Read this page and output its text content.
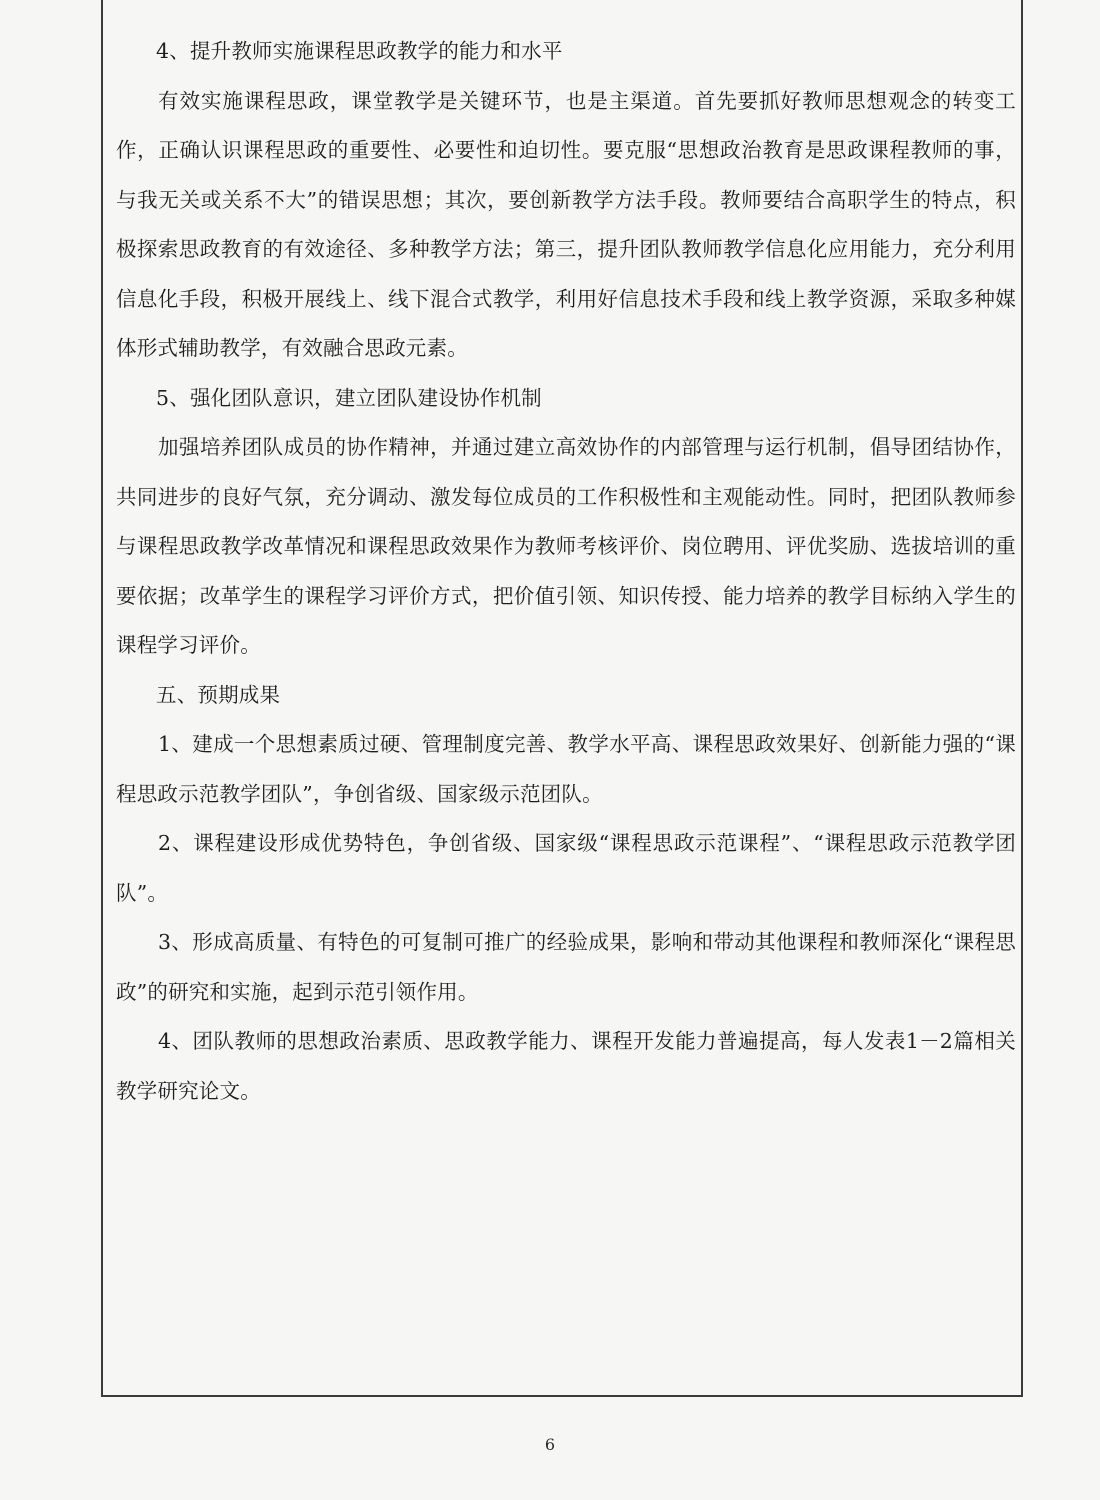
4、提升教师实施课程思政教学的能力和水平

有效实施课程思政，课堂教学是关键环节，也是主渠道。首先要抓好教师思想观念的转变工作，正确认识课程思政的重要性、必要性和迫切性。要克服“思想政治教育是思政课程教师的事，与我无关或关系不大”的错误思想；其次，要创新教学方法手段。教师要结合高职学生的特点，积极探索思政教育的有效途径、多种教学方法；第三，提升团队教师教学信息化应用能力，充分利用信息化手段，积极开展线上、线下混合式教学，利用好信息技术手段和线上教学资源，采取多种媒体形式辅助教学，有效融合思政元素。

5、强化团队意识，建立团队建设协作机制

加强培养团队成员的协作精神，并通过建立高效协作的内部管理与运行机制，倡导团结协作，共同进步的良好气氛，充分调动、激发每位成员的工作积极性和主观能动性。同时，把团队教师参与课程思政教学改革情况和课程思政效果作为教师考核评价、岗位聘用、评优奖励、选拔培训的重要依据；改革学生的课程学习评价方式，把价值引领、知识传授、能力培养的教学目标纳入学生的课程学习评价。

五、预期成果

1、建成一个思想素质过硬、管理制度完善、教学水平高、课程思政效果好、创新能力强的“课程思政示范教学团队”，争创省级、国家级示范团队。

2、课程建设形成优势特色，争创省级、国家级“课程思政示范课程”、“课程思政示范教学团队”。

3、形成高质量、有特色的可复制可推广的经验成果，影响和带动其他课程和教师深化“课程思政”的研究和实施，起到示范引领作用。

4、团队教师的思想政治素质、思政教学能力、课程开发能力普遍提高，每人发表1－2篇相关教学研究论文。

6
